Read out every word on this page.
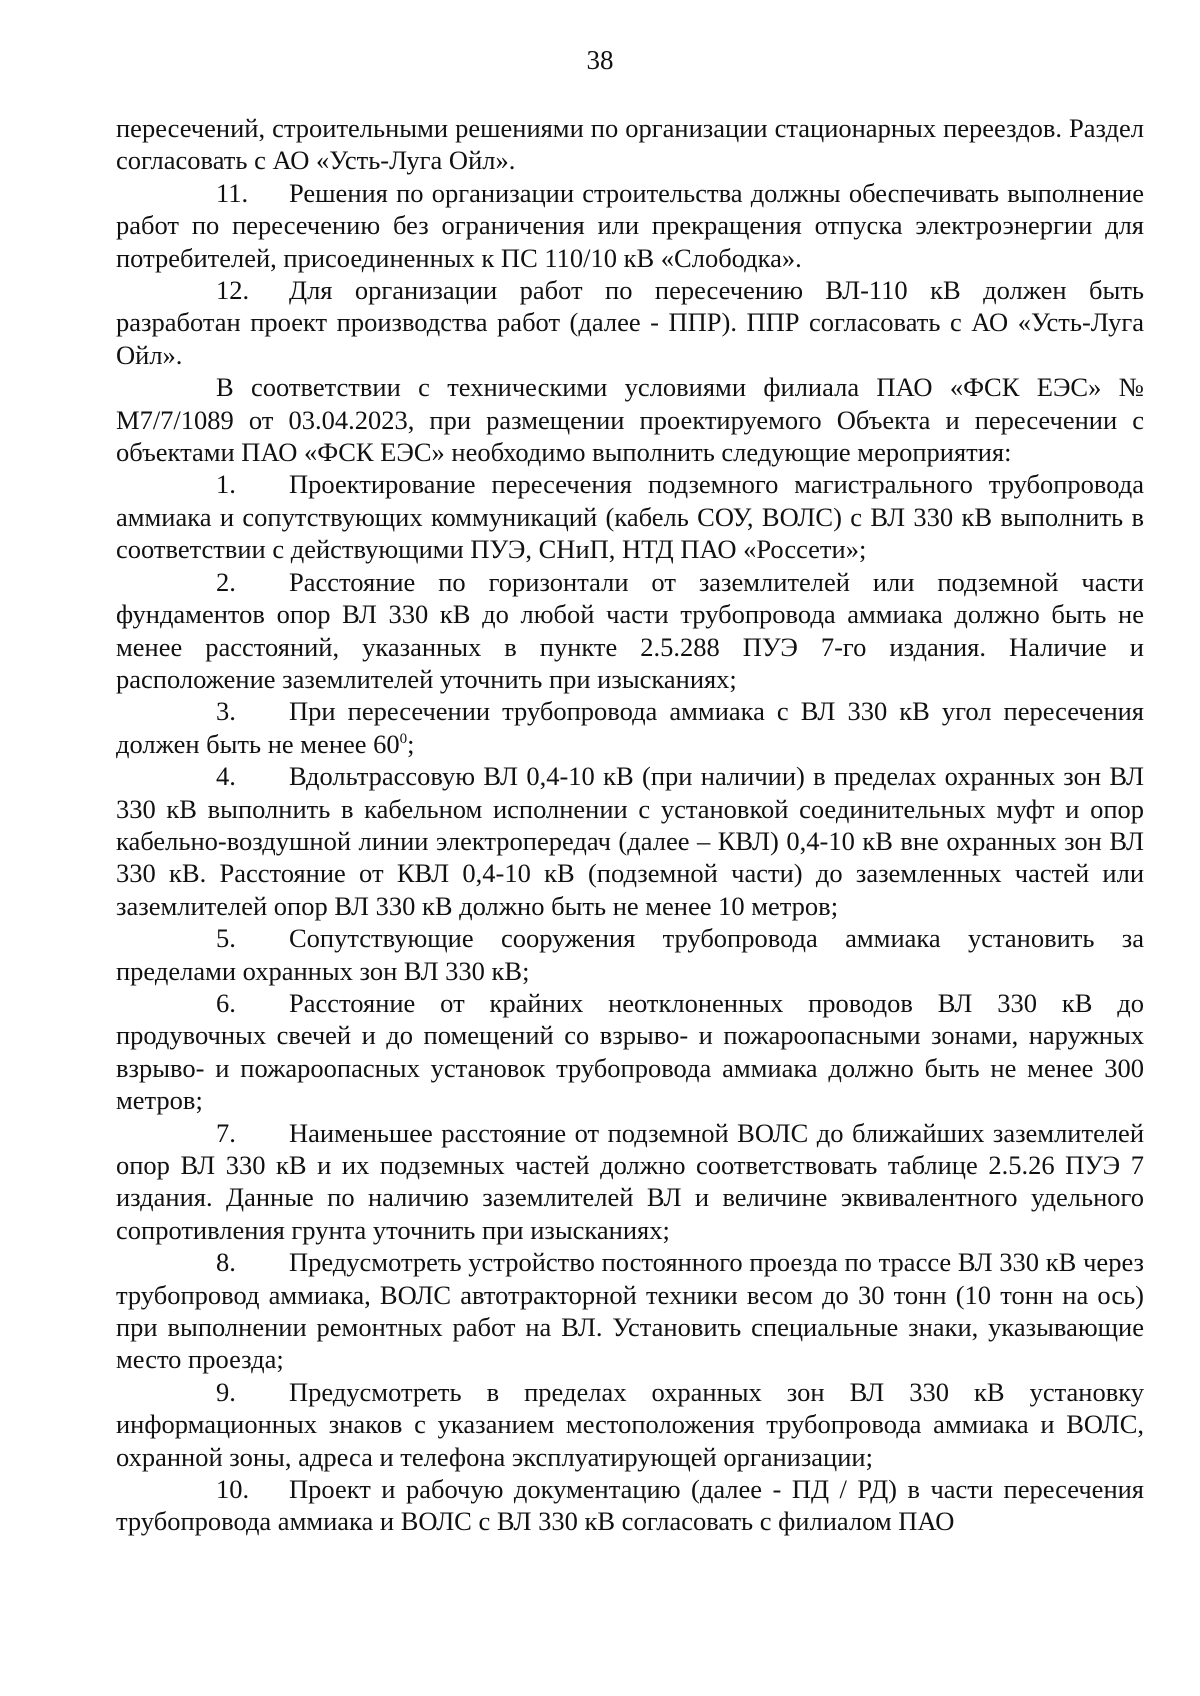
38

пересечений, строительными решениями по организации стационарных переездов. Раздел согласовать с АО «Усть-Луга Ойл».

11. Решения по организации строительства должны обеспечивать выполнение работ по пересечению без ограничения или прекращения отпуска электроэнергии для потребителей, присоединенных к ПС 110/10 кВ «Слободка».

12. Для организации работ по пересечению ВЛ-110 кВ должен быть разработан проект производства работ (далее - ППР). ППР согласовать с АО «Усть-Луга Ойл».

В соответствии с техническими условиями филиала ПАО «ФСК ЕЭС» № М7/7/1089 от 03.04.2023, при размещении проектируемого Объекта и пересечении с объектами ПАО «ФСК ЕЭС» необходимо выполнить следующие мероприятия:

1. Проектирование пересечения подземного магистрального трубопровода аммиака и сопутствующих коммуникаций (кабель СОУ, ВОЛС) с ВЛ 330 кВ выполнить в соответствии с действующими ПУЭ, СНиП, НТД ПАО «Россети»;

2. Расстояние по горизонтали от заземлителей или подземной части фундаментов опор ВЛ 330 кВ до любой части трубопровода аммиака должно быть не менее расстояний, указанных в пункте 2.5.288 ПУЭ 7-го издания. Наличие и расположение заземлителей уточнить при изысканиях;

3. При пересечении трубопровода аммиака с ВЛ 330 кВ угол пересечения должен быть не менее $60^0$;

4. Вдольтрассовую ВЛ 0,4-10 кВ (при наличии) в пределах охранных зон ВЛ 330 кВ выполнить в кабельном исполнении с установкой соединительных муфт и опор кабельно-воздушной линии электропередач (далее – КВЛ) 0,4-10 кВ вне охранных зон ВЛ 330 кВ. Расстояние от КВЛ 0,4-10 кВ (подземной части) до заземленных частей или заземлителей опор ВЛ 330 кВ должно быть не менее 10 метров;

5. Сопутствующие сооружения трубопровода аммиака установить за пределами охранных зон ВЛ 330 кВ;

6. Расстояние от крайних неотклоненных проводов ВЛ 330 кВ до продувочных свечей и до помещений со взрыво- и пожароопасными зонами, наружных взрыво- и пожароопасных установок трубопровода аммиака должно быть не менее 300 метров;

7. Наименьшее расстояние от подземной ВОЛС до ближайших заземлителей опор ВЛ 330 кВ и их подземных частей должно соответствовать таблице 2.5.26 ПУЭ 7 издания. Данные по наличию заземлителей ВЛ и величине эквивалентного удельного сопротивления грунта уточнить при изысканиях;

8. Предусмотреть устройство постоянного проезда по трассе ВЛ 330 кВ через трубопровод аммиака, ВОЛС автотракторной техники весом до 30 тонн (10 тонн на ось) при выполнении ремонтных работ на ВЛ. Установить специальные знаки, указывающие место проезда;

9. Предусмотреть в пределах охранных зон ВЛ 330 кВ установку информационных знаков с указанием местоположения трубопровода аммиака и ВОЛС, охранной зоны, адреса и телефона эксплуатирующей организации;

10. Проект и рабочую документацию (далее - ПД / РД) в части пересечения трубопровода аммиака и ВОЛС с ВЛ 330 кВ согласовать с филиалом ПАО
